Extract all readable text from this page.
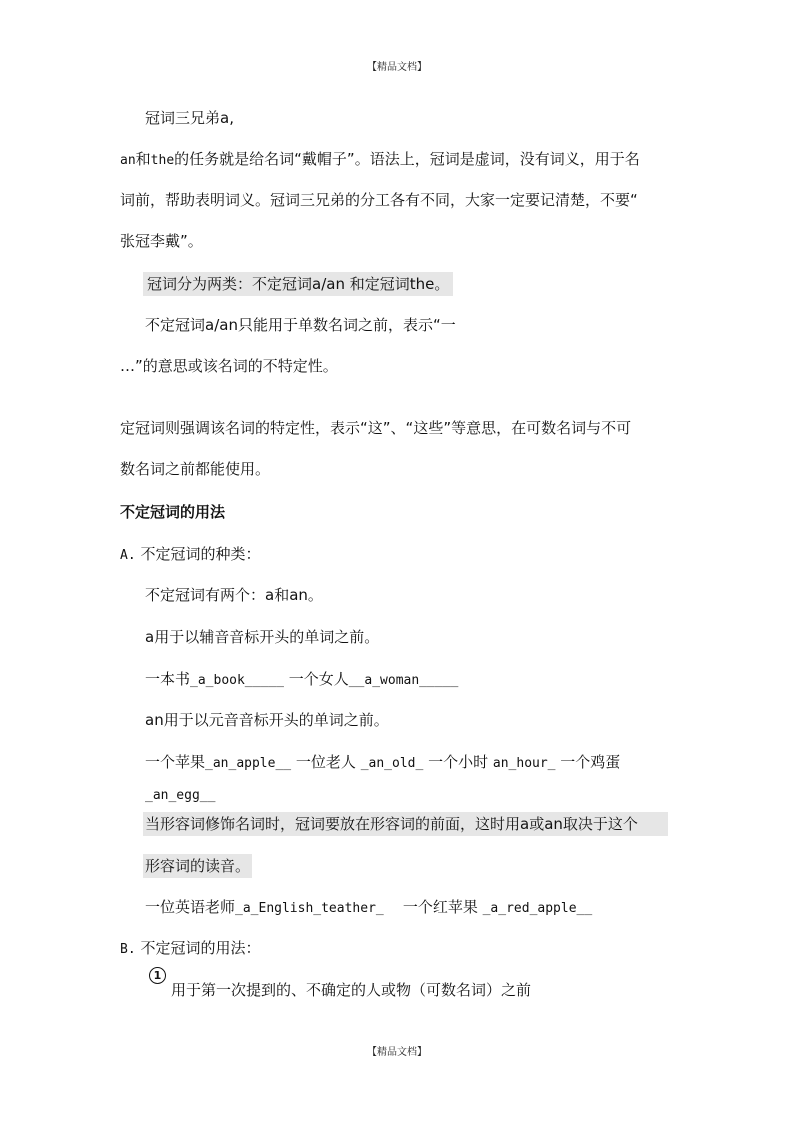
【精品文档】
冠词三兄弟a,
an和the的任务就是给名词“戴帽子”。语法上，冠词是虚词，没有词义，用于名
词前，帮助表明词义。冠词三兄弟的分工各有不同，大家一定要记清楚，不要“
张冠李戴”。
冠词分为两类：不定冠词a/an 和定冠词the。
不定冠词a/an只能用于单数名词之前，表示“一
…”的意思或该名词的不特定性。
定冠词则强调该名词的特定性，表示“这”、“这些”等意思，在可数名词与不可
数名词之前都能使用。
不定冠词的用法
A. 不定冠词的种类：
不定冠词有两个：a和an。
a用于以辅音音标开头的单词之前。
一本书_a_book_____ 一个女人__a_woman_____
an用于以元音音标开头的单词之前。
一个苹果_an_apple__ 一位老人 _an_old_ 一个小时 an_hour_ 一个鸡蛋
_an_egg__
当形容词修饰名词时，冠词要放在形容词的前面，这时用a或an取决于这个
形容词的读音。
一位英语老师_a_English_teather_ 一个红苹果 _a_red_apple__
B. 不定冠词的用法：
1
用于第一次提到的、不确定的人或物（可数名词）之前
【精品文档】
